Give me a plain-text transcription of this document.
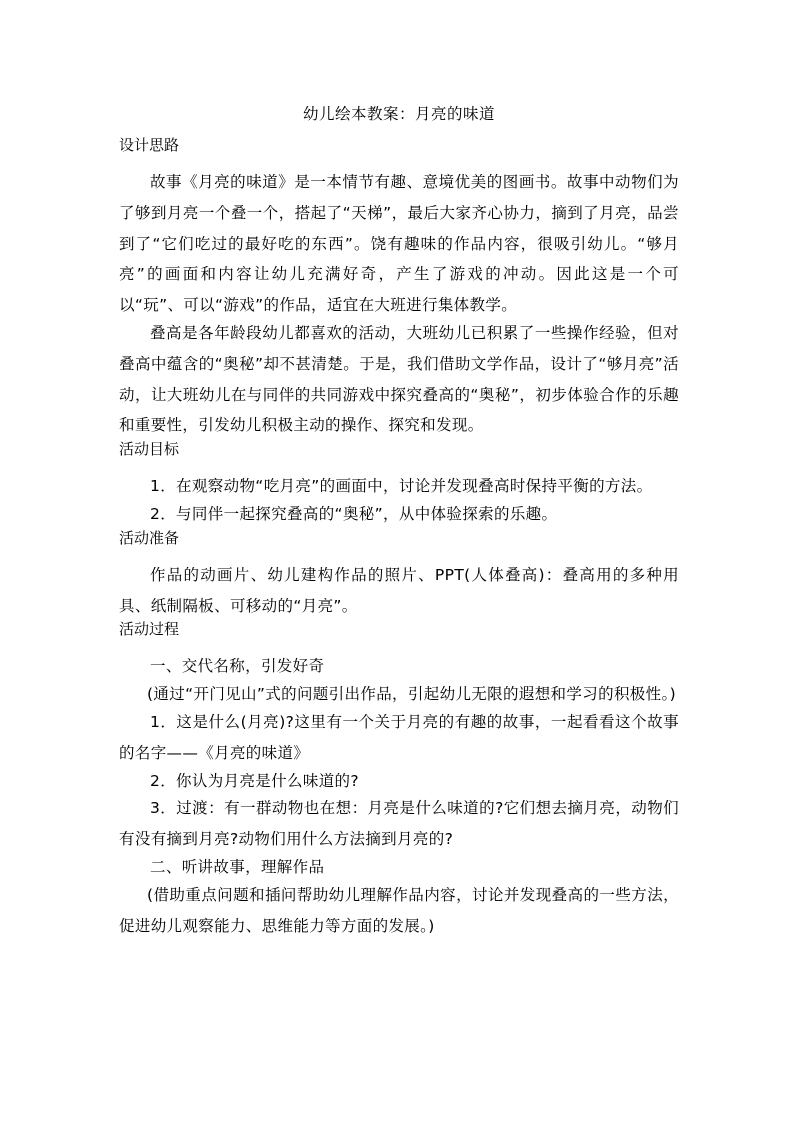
幼儿绘本教案：月亮的味道
设计思路

故事《月亮的味道》是一本情节有趣、意境优美的图画书。故事中动物们为了够到月亮一个叠一个，搭起了“天梯”，最后大家齐心协力，摘到了月亮，品尝到了“它们吃过的最好吃的东西”。饶有趣味的作品内容，很吸引幼儿。“够月亮”的画面和内容让幼儿充满好奇，产生了游戏的冲动。因此这是一个可以“玩”、可以“游戏”的作品，适宜在大班进行集体教学。

叠高是各年龄段幼儿都喜欢的活动，大班幼儿已积累了一些操作经验，但对叠高中蕴含的“奥秘”却不甚清楚。于是，我们借助文学作品，设计了“够月亮”活动，让大班幼儿在与同伴的共同游戏中探究叠高的“奥秘”，初步体验合作的乐趣和重要性，引发幼儿积极主动的操作、探究和发现。

活动目标

1．在观察动物“吃月亮”的画面中，讨论并发现叠高时保持平衡的方法。

2．与同伴一起探究叠高的“奥秘”，从中体验探索的乐趣。

活动准备

作品的动画片、幼儿建构作品的照片、PPT(人体叠高)：叠高用的多种用具、纸制隔板、可移动的“月亮”。

活动过程

一、交代名称，引发好奇

(通过“开门见山”式的问题引出作品，引起幼儿无限的遐想和学习的积极性。)

1．这是什么(月亮)?这里有一个关于月亮的有趣的故事，一起看看这个故事的名字——《月亮的味道》

2．你认为月亮是什么味道的?

3．过渡：有一群动物也在想：月亮是什么味道的?它们想去摘月亮，动物们有没有摘到月亮?动物们用什么方法摘到月亮的?

二、听讲故事，理解作品

(借助重点问题和插问帮助幼儿理解作品内容，讨论并发现叠高的一些方法，促进幼儿观察能力、思维能力等方面的发展。)
